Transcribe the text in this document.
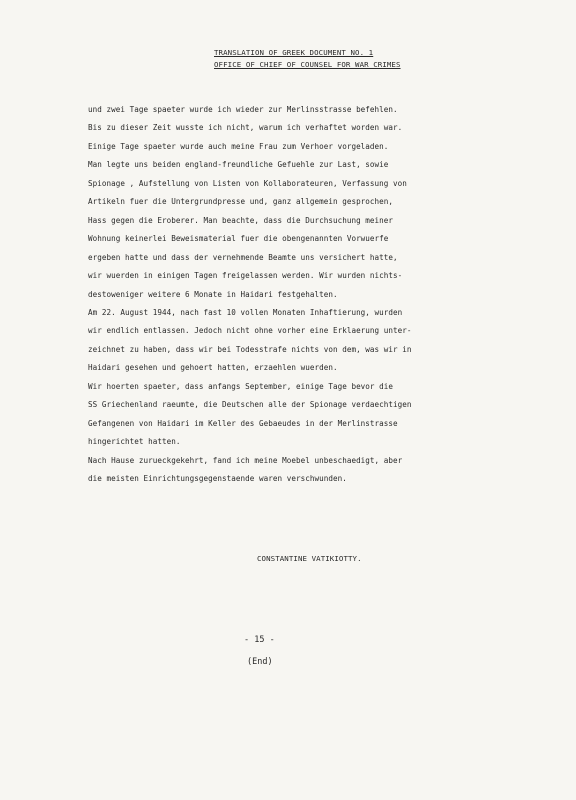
TRANSLATION OF GREEK DOCUMENT NO. 1
OFFICE OF CHIEF OF COUNSEL FOR WAR CRIMES
und zwei Tage spaeter wurde ich wieder zur Merlinsstrasse befehlen.
Bis zu dieser Zeit wusste ich nicht, warum ich verhaftet worden war.
Einige Tage spaeter wurde auch meine Frau zum Verhoer vorgeladen.
Man legte uns beiden england-freundliche Gefuehle zur Last, sowie
Spionage , Aufstellung von Listen von Kollaborateuren, Verfassung von
Artikeln fuer die Untergrundpresse und, ganz allgemein gesprochen,
Hass gegen die Eroberer. Man beachte, dass die Durchsuchung meiner
Wohnung keinerlei Beweismaterial fuer die obengenannten Vorwuerfe
ergeben hatte und dass der vernehmende Beamte uns versichert hatte,
wir wuerden in einigen Tagen freigelassen werden. Wir wurden nichts-
destoweniger weitere 6 Monate in Haidari festgehalten.
Am 22. August 1944, nach fast 10 vollen Monaten Inhaftierung, wurden
wir endlich entlassen. Jedoch nicht ohne vorher eine Erklaerung unter-
zeichnet zu haben, dass wir bei Todesstrafe nichts von dem, was wir in
Haidari gesehen und gehoert hatten, erzaehlen wuerden.
Wir hoerten spaeter, dass anfangs September, einige Tage bevor die
SS Griechenland raeumte, die Deutschen alle der Spionage verdaechtigen
Gefangenen von Haidari im Keller des Gebaeudes in der Merlinstrasse
hingerichtet hatten.
Nach Hause zurueckgekehrt, fand ich meine Moebel unbeschaedigt, aber
die meisten Einrichtungsgegenstaende waren verschwunden.
CONSTANTINE VATIKIOTTY.
- 15 -
(End)
